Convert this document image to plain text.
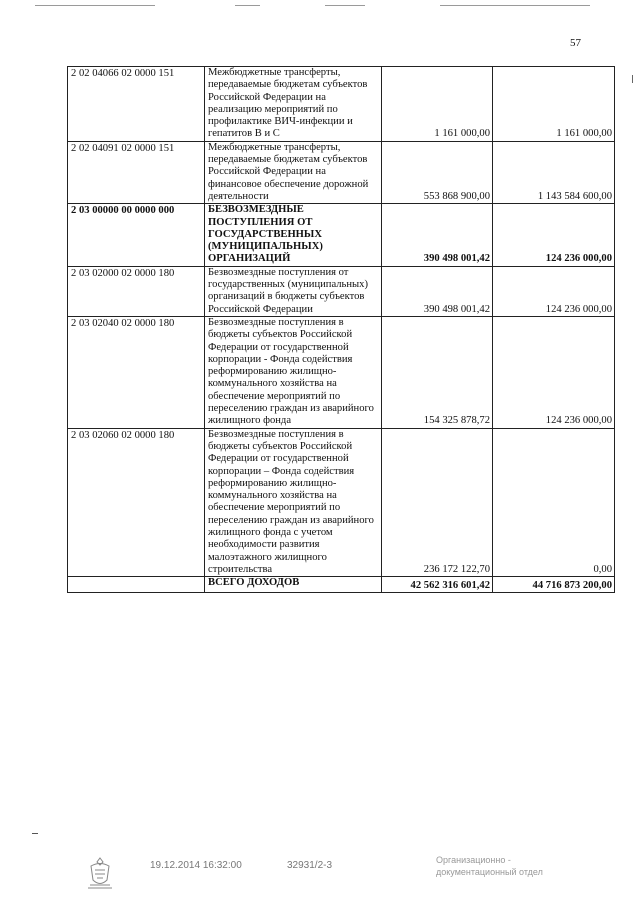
57
2 02 04066 02 0000 151	Межбюджетные трансферты, передаваемые бюджетам субъектов Российской Федерации на реализацию мероприятий по профилактике ВИЧ-инфекции и гепатитов В и С	1 161 000,00	1 161 000,00
2 02 04091 02 0000 151	Межбюджетные трансферты, передаваемые бюджетам субъектов Российской Федерации на финансовое обеспечение дорожной деятельности	553 868 900,00	1 143 584 600,00
2 03 00000 00 0000 000	БЕЗВОЗМЕЗДНЫЕ ПОСТУПЛЕНИЯ ОТ ГОСУДАРСТВЕННЫХ (МУНИЦИПАЛЬНЫХ) ОРГАНИЗАЦИЙ	390 498 001,42	124 236 000,00
2 03 02000 02 0000 180	Безвозмездные поступления от государственных (муниципальных) организаций в бюджеты субъектов Российской Федерации	390 498 001,42	124 236 000,00
2 03 02040 02 0000 180	Безвозмездные поступления в бюджеты субъектов Российской Федерации от государственной корпорации - Фонда содействия реформированию жилищно-коммунального хозяйства на обеспечение мероприятий по переселению граждан из аварийного жилищного фонда	154 325 878,72	124 236 000,00
2 03 02060 02 0000 180	Безвозмездные поступления в бюджеты субъектов Российской Федерации от государственной корпорации – Фонда содействия реформированию жилищно-коммунального хозяйства на обеспечение мероприятий по переселению граждан из аварийного жилищного фонда с учетом необходимости развития малоэтажного жилищного строительства	236 172 122,70	0,00
	ВСЕГО ДОХОДОВ	42 562 316 601,42	44 716 873 200,00
19.12.2014 16:32:00	32931/2-3	Организационно -
документационный отдел
